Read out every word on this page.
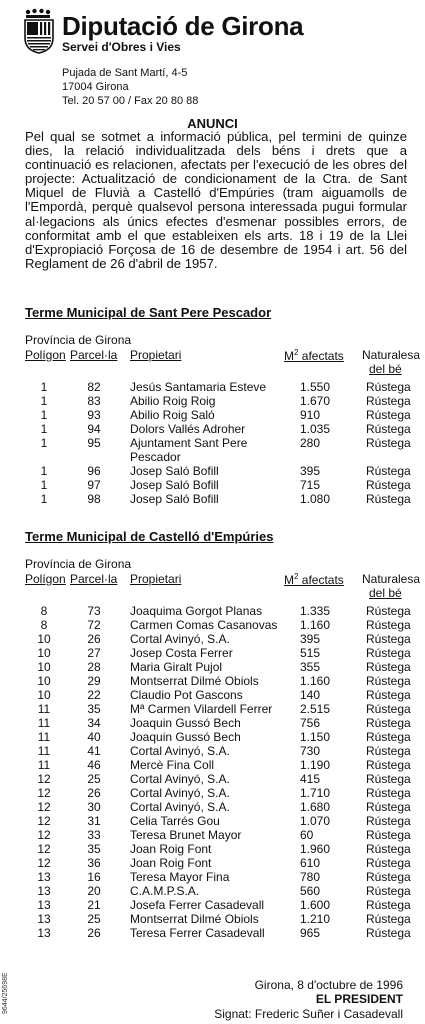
Diputació de Girona
Servei d'Obres i Vies
Pujada de Sant Martí, 4-5
17004 Girona
Tel. 20 57 00 / Fax 20 80 88
ANUNCI
Pel qual se sotmet a informació pública, pel termini de quinze dies, la relació individualitzada dels béns i drets que a continuació es relacionen, afectats per l'execució de les obres del projecte: Actualització de condicionament de la Ctra. de Sant Miquel de Fluvià a Castelló d'Empúries (tram aiguamolls de l'Empordà, perquè qualsevol persona interessada pugui formular al·legacions als únics efectes d'esmenar possibles errors, de conformitat amb el que estableixen els arts. 18 i 19 de la Llei d'Expropiació Forçosa de 16 de desembre de 1954 i art. 56 del Reglament de 26 d'abril de 1957.
Terme Municipal de Sant Pere Pescador
Província de Girona
Polígon Parcel·la Propietari	$M^2$ afectats Naturalesa
del bé
1	82	Jesús Santamaria Esteve	1.550	Rústega
1	83	Abilio Roig Roig	1.670	Rústega
1	93	Abilio Roig Saló	910	Rústega
1	94	Dolors Vallés Adroher	1.035	Rústega
1	95	Ajuntament Sant Pere	280	Rústega
Pescador
1	96	Josep Saló Bofill	395	Rústega
1	97	Josep Saló Bofill	715	Rústega
1	98	Josep Saló Bofill	1.080	Rústega
Terme Municipal de Castelló d'Empúries
Província de Girona
Polígon Parcel·la Propietari	$M^2$ afectats Naturalesa
del bé
8	73	Joaquima Gorgot Planas	1.335	Rústega
8	72	Carmen Comas Casanovas 1.160	Rústega
10	26	Cortal Avinyó, S.A.	395	Rústega
10	27	Josep Costa Ferrer	515	Rústega
10	28	Maria Giralt Pujol	355	Rústega
10	29	Montserrat Dilmé Obiols	1.160	Rústega
10	22	Claudio Pot Gascons	140	Rústega
11	35	Mª Carmen Vilardell Ferrer 2.515	Rústega
11	34	Joaquin Gussó Bech	756	Rústega
11	40	Joaquin Gussó Bech	1.150	Rústega
11	41	Cortal Avinyó, S.A.	730	Rústega
11	46	Mercè Fina Coll	1.190	Rústega
12	25	Cortal Avinyó, S.A.	415	Rústega
12	26	Cortal Avinyó, S.A.	1.710	Rústega
12	30	Cortal Avinyó, S.A.	1.680	Rústega
12	31	Celia Tarrés Gou	1.070	Rústega
12	33	Teresa Brunet Mayor	60	Rústega
12	35	Joan Roig Font	1.960	Rústega
12	36	Joan Roig Font	610	Rústega
13	16	Teresa Mayor Fina	780	Rústega
13	20	C.A.M.P.S.A.	560	Rústega
13	21	Josefa Ferrer Casadevall	1.600	Rústega
13	25	Montserrat Dilmé Obiols	1.210	Rústega
13	26	Teresa Ferrer Casadevall	965	Rústega
Girona, 8 d'octubre de 1996
EL PRESIDENT
Signat: Frederic Suñer i Casadevall
9644/25698E
